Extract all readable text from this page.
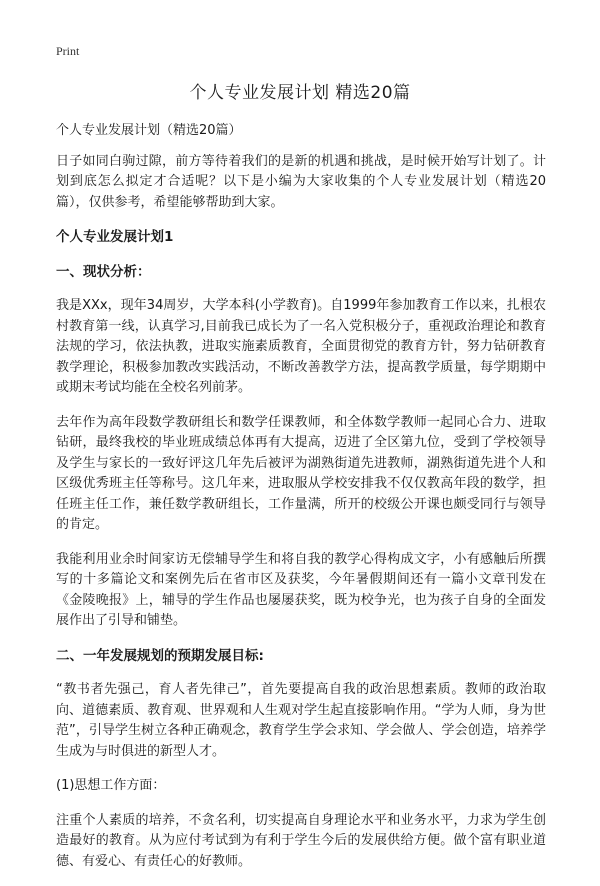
Print
个人专业发展计划 精选20篇

个人专业发展计划（精选20篇）

日子如同白驹过隙，前方等待着我们的是新的机遇和挑战，是时候开始写计划了。计划到底怎么拟定才合适呢？以下是小编为大家收集的个人专业发展计划（精选20篇），仅供参考，希望能够帮助到大家。

个人专业发展计划1
一、现状分析：

我是XXx，现年34周岁，大学本科(小学教育)。自1999年参加教育工作以来，扎根农村教育第一线，认真学习,目前我已成长为了一名入党积极分子，重视政治理论和教育法规的学习，依法执教，进取实施素质教育，全面贯彻党的教育方针，努力钻研教育教学理论，积极参加教改实践活动，不断改善教学方法，提高教学质量，每学期期中或期末考试均能在全校名列前茅。

去年作为高年段数学教研组长和数学任课教师，和全体数学教师一起同心合力、进取钻研，最终我校的毕业班成绩总体再有大提高，迈进了全区第九位，受到了学校领导及学生与家长的一致好评这几年先后被评为湖熟街道先进教师，湖熟街道先进个人和区级优秀班主任等称号。这几年来，进取服从学校安排我不仅仅教高年段的数学，担任班主任工作，兼任数学教研组长，工作量满，所开的校级公开课也颇受同行与领导的肯定。

我能利用业余时间家访无偿辅导学生和将自我的教学心得构成文字，小有感触后所撰写的十多篇论文和案例先后在省市区及获奖，今年暑假期间还有一篇小文章刊发在《金陵晚报》上，辅导的学生作品也屡屡获奖，既为校争光，也为孩子自身的全面发展作出了引导和铺垫。

二、一年发展规划的预期发展目标:

“教书者先强己，育人者先律己”，首先要提高自我的政治思想素质。教师的政治取向、道德素质、教育观、世界观和人生观对学生起直接影响作用。“学为人师，身为世范”，引导学生树立各种正确观念，教育学生学会求知、学会做人、学会创造，培养学生成为与时俱进的新型人才。

(1)思想工作方面：

注重个人素质的培养，不贪名利，切实提高自身理论水平和业务水平，力求为学生创造最好的教育。从为应付考试到为有利于学生今后的发展供给方便。做个富有职业道德、有爱心、有责任心的好教师。
